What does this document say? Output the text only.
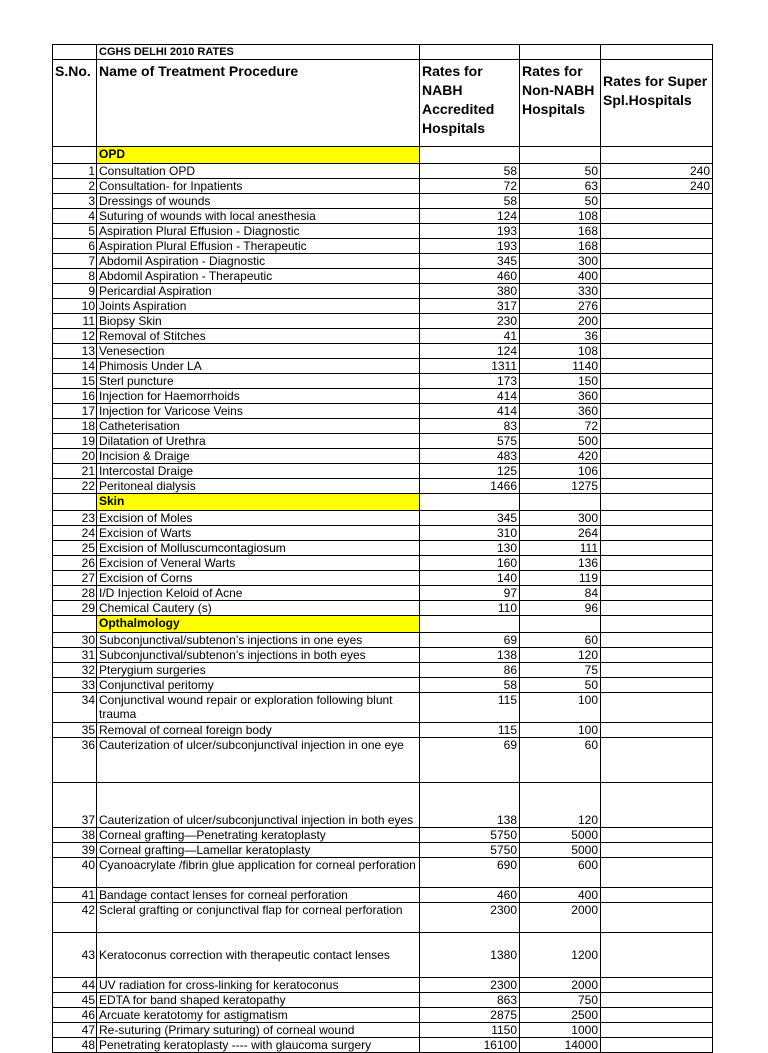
	CGHS DELHI 2010 RATES			
S.No.	Name of Treatment Procedure	Rates for NABH Accredited Hospitals	Rates for Non-NABH Hospitals	Rates for Super Spl.Hospitals
	OPD			
1	Consultation OPD	58	50	240
2	Consultation- for Inpatients	72	63	240
3	Dressings of wounds	58	50	
4	Suturing of wounds with local anesthesia	124	108	
5	Aspiration Plural Effusion - Diagnostic	193	168	
6	Aspiration Plural Effusion - Therapeutic	193	168	
7	Abdomil Aspiration - Diagnostic	345	300	
8	Abdomil Aspiration - Therapeutic	460	400	
9	Pericardial Aspiration	380	330	
10	Joints Aspiration	317	276	
11	Biopsy Skin	230	200	
12	Removal of Stitches	41	36	
13	Venesection	124	108	
14	Phimosis Under LA	1311	1140	
15	Sterl puncture	173	150	
16	Injection for Haemorrhoids	414	360	
17	Injection for Varicose Veins	414	360	
18	Catheterisation	83	72	
19	Dilatation of Urethra	575	500	
20	Incision & Draige	483	420	
21	Intercostal Draige	125	106	
22	Peritoneal dialysis	1466	1275	
	Skin			
23	Excision of Moles	345	300	
24	Excision of Warts	310	264	
25	Excision of Molluscumcontagiosum	130	111	
26	Excision of Veneral Warts	160	136	
27	Excision of Corns	140	119	
28	I/D Injection Keloid of Acne	97	84	
29	Chemical Cautery (s)	110	96	
	Opthalmology			
30	Subconjunctival/subtenon’s injections in one eyes	69	60	
31	Subconjunctival/subtenon’s injections in both eyes	138	120	
32	Pterygium surgeries	86	75	
33	Conjunctival peritomy	58	50	
34	Conjunctival wound repair or exploration following blunt trauma	115	100	
35	Removal of corneal foreign body	115	100	
36	Cauterization of ulcer/subconjunctival injection in one eye	69	60	
37	Cauterization of ulcer/subconjunctival injection in both eyes	138	120	
38	Corneal grafting—Penetrating keratoplasty	5750	5000	
39	Corneal grafting—Lamellar keratoplasty	5750	5000	
40	Cyanoacrylate /fibrin glue application for corneal perforation	690	600	
41	Bandage contact lenses for corneal perforation	460	400	
42	Scleral grafting or conjunctival flap for corneal perforation	2300	2000	
43	Keratoconus correction with therapeutic contact lenses	1380	1200	
44	UV radiation for cross-linking for keratoconus	2300	2000	
45	EDTA for band shaped keratopathy	863	750	
46	Arcuate keratotomy for astigmatism	2875	2500	
47	Re-suturing (Primary suturing) of corneal wound	1150	1000	
48	Penetrating keratoplasty ---- with glaucoma surgery	16100	14000	
